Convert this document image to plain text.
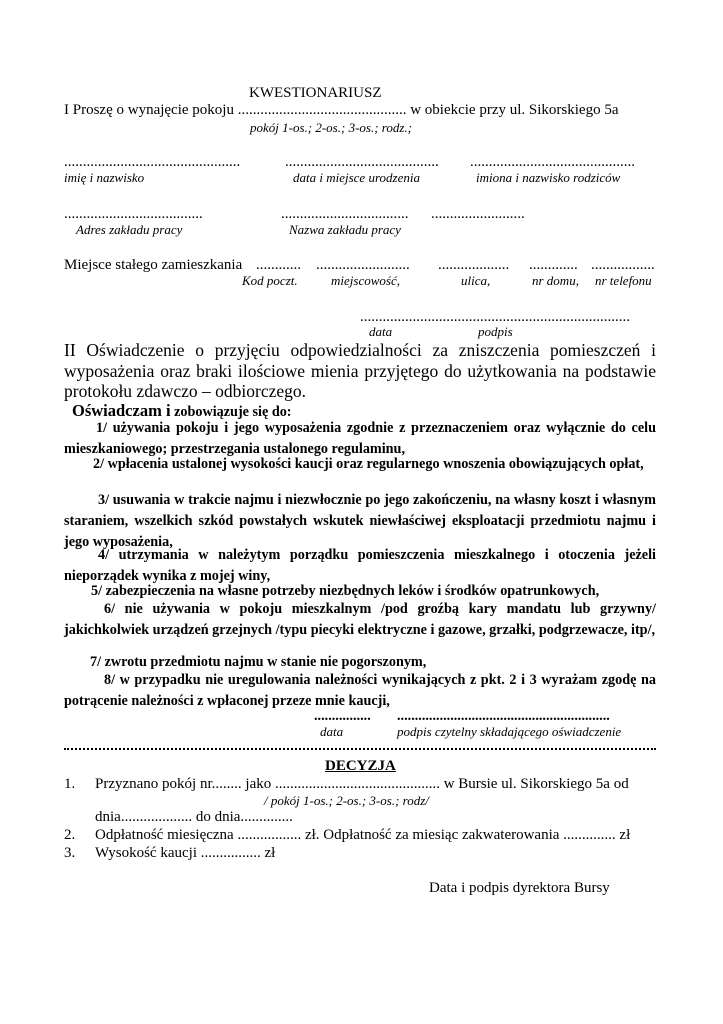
KWESTIONARIUSZ
I Proszę o wynajęcie pokoju ............................................. w obiekcie przy ul. Sikorskiego 5a
pokój 1-os.; 2-os.; 3-os.; rodz.;
...............................................	......................................... ............................................
imię i nazwisko	data i miejsce urodzenia	imiona i nazwisko rodziców
.....................................	.................................. .........................
Adres zakładu pracy	Nazwa zakładu pracy
Miejsce stałego zamieszkania ............ ......................... ................... ............. .................
Kod poczt.	miejscowość,	ulica,	nr domu, nr telefonu
........................................................................
data	podpis
II Oświadczenie o przyjęciu odpowiedzialności za zniszczenia pomieszczeń i wyposażenia oraz braki ilościowe mienia przyjętego do użytkowania na podstawie protokołu zdawczo – odbiorczego.
Oświadczam i zobowiązuje się do:
1/ używania pokoju i jego wyposażenia zgodnie z przeznaczeniem oraz wyłącznie do celu mieszkaniowego; przestrzegania ustalonego regulaminu,
2/ wpłacenia ustalonej wysokości kaucji oraz regularnego wnoszenia obowiązujących opłat,
3/ usuwania w trakcie najmu i niezwłocznie po jego zakończeniu, na własny koszt i własnym staraniem, wszelkich szkód powstałych wskutek niewłaściwej eksploatacji przedmiotu najmu i jego wyposażenia,
4/ utrzymania w należytym porządku pomieszczenia mieszkalnego i otoczenia jeżeli nieporządek wynika z mojej winy,
5/ zabezpieczenia na własne potrzeby niezbędnych leków i środków opatrunkowych,
6/ nie używania w pokoju mieszkalnym /pod groźbą kary mandatu lub grzywny/ jakichkolwiek urządzeń grzejnych /typu piecyki elektryczne i gazowe, grzałki, podgrzewacze, itp/,
7/ zwrotu przedmiotu najmu w stanie nie pogorszonym,
8/ w przypadku nie uregulowania należności wynikających z pkt. 2 i 3 wyrażam zgodę na potrącenie należności z wpłaconej przeze mnie kaucji,
................ ............................................................
data	podpis czytelny składającego oświadczenie
DECYZJA
1. Przyznano pokój nr........ jako ............................................ w Bursie ul. Sikorskiego 5a od
/ pokój 1-os.; 2-os.; 3-os.; rodz/
dnia................... do dnia..............
2. Odpłatność miesięczna ................. zł. Odpłatność za miesiąc zakwaterowania .............. zł
3. Wysokość kaucji ................ zł
Data i podpis dyrektora Bursy
